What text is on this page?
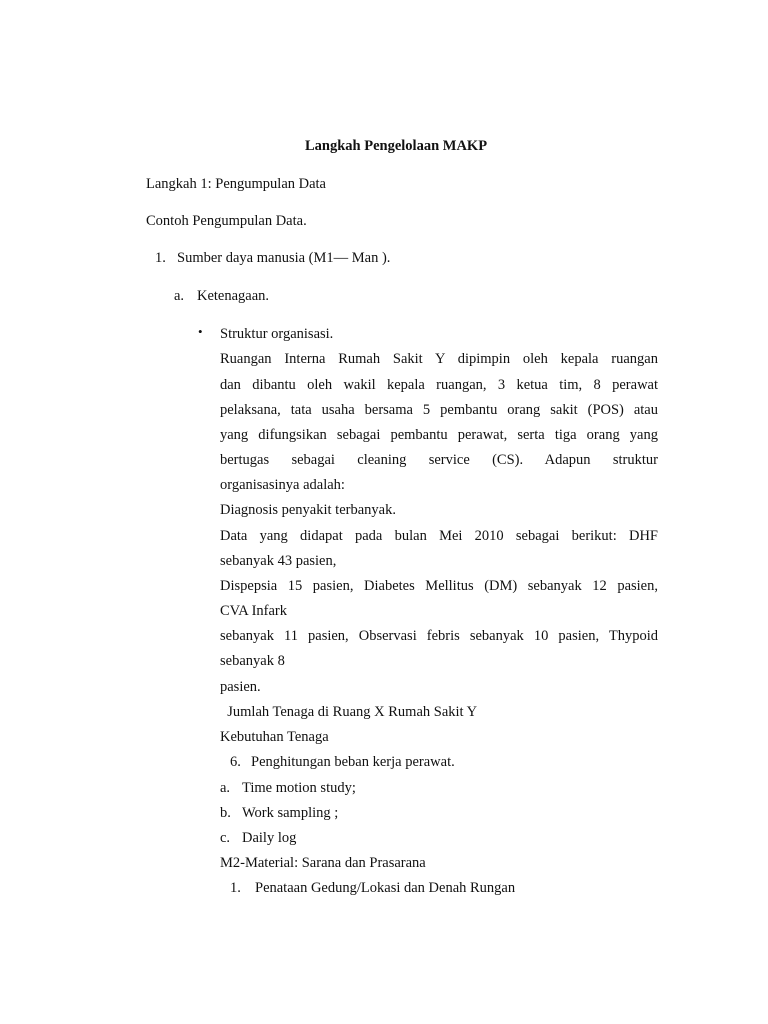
Langkah Pengelolaan MAKP
Langkah 1: Pengumpulan Data
Contoh Pengumpulan Data.
1. Sumber daya manusia (M1— Man ).
a. Ketenagaan.
• Struktur organisasi.
Ruangan Interna Rumah Sakit Y dipimpin oleh kepala ruangan
dan dibantu oleh wakil kepala ruangan, 3 ketua tim, 8 perawat
pelaksana, tata usaha bersama 5 pembantu orang sakit (POS) atau
yang difungsikan sebagai pembantu perawat, serta tiga orang yang
bertugas sebagai cleaning service (CS). Adapun struktur
organisasinya adalah:
Diagnosis penyakit terbanyak.
Data yang didapat pada bulan Mei 2010 sebagai berikut: DHF
sebanyak 43 pasien,
Dispepsia 15 pasien, Diabetes Mellitus (DM) sebanyak 12 pasien,
CVA Infark
sebanyak 11 pasien, Observasi febris sebanyak 10 pasien, Thypoid
sebanyak 8
pasien.
Jumlah Tenaga di Ruang X Rumah Sakit Y
Kebutuhan Tenaga
6. Penghitungan beban kerja perawat.
a. Time motion study;
b. Work sampling ;
c. Daily log
M2-Material: Sarana dan Prasarana
1. Penataan Gedung/Lokasi dan Denah Rungan
